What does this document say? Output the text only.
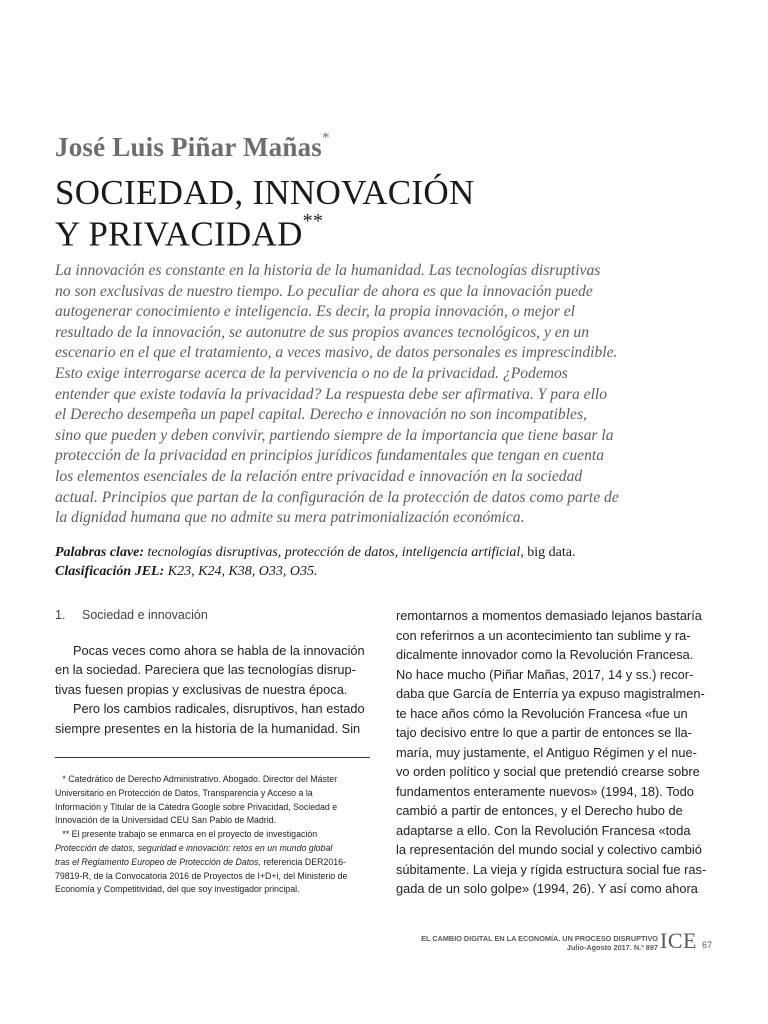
José Luis Piñar Mañas*
SOCIEDAD, INNOVACIÓN
Y PRIVACIDAD**
La innovación es constante en la historia de la humanidad. Las tecnologías disruptivas
no son exclusivas de nuestro tiempo. Lo peculiar de ahora es que la innovación puede
autogenerar conocimiento e inteligencia. Es decir, la propia innovación, o mejor el
resultado de la innovación, se autonutre de sus propios avances tecnológicos, y en un
escenario en el que el tratamiento, a veces masivo, de datos personales es imprescindible.
Esto exige interrogarse acerca de la pervivencia o no de la privacidad. ¿Podemos
entender que existe todavía la privacidad? La respuesta debe ser afirmativa. Y para ello
el Derecho desempeña un papel capital. Derecho e innovación no son incompatibles,
sino que pueden y deben convivir, partiendo siempre de la importancia que tiene basar la
protección de la privacidad en principios jurídicos fundamentales que tengan en cuenta
los elementos esenciales de la relación entre privacidad e innovación en la sociedad
actual. Principios que partan de la configuración de la protección de datos como parte de
la dignidad humana que no admite su mera patrimonialización económica.
Palabras clave: tecnologías disruptivas, protección de datos, inteligencia artificial, big data.
Clasificación JEL: K23, K24, K38, O33, O35.
1. Sociedad e innovación
Pocas veces como ahora se habla de la innovación
en la sociedad. Pareciera que las tecnologías disrup-
tivas fuesen propias y exclusivas de nuestra época.
Pero los cambios radicales, disruptivos, han estado
siempre presentes en la historia de la humanidad. Sin
* Catedrático de Derecho Administrativo. Abogado. Director del Máster
Universitario en Protección de Datos, Transparencia y Acceso a la
Información y Titular de la Cátedra Google sobre Privacidad, Sociedad e
Innovación de la Universidad CEU San Pablo de Madrid.
** El presente trabajo se enmarca en el proyecto de investigación
Protección de datos, seguridad e innovación: retos en un mundo global
tras el Reglamento Europeo de Protección de Datos, referencia DER2016-
79819-R, de la Convocatoria 2016 de Proyectos de I+D+i, del Ministerio de
Economía y Competitividad, del que soy investigador principal.
remontarnos a momentos demasiado lejanos bastaría
con referirnos a un acontecimiento tan sublime y ra-
dicalmente innovador como la Revolución Francesa.
No hace mucho (Piñar Mañas, 2017, 14 y ss.) recor-
daba que García de Enterría ya expuso magistralmen-
te hace años cómo la Revolución Francesa «fue un
tajo decisivo entre lo que a partir de entonces se lla-
maría, muy justamente, el Antiguo Régimen y el nue-
vo orden político y social que pretendió crearse sobre
fundamentos enteramente nuevos» (1994, 18). Todo
cambió a partir de entonces, y el Derecho hubo de
adaptarse a ello. Con la Revolución Francesa «toda
la representación del mundo social y colectivo cambió
súbitamente. La vieja y rígida estructura social fue ras-
gada de un solo golpe» (1994, 26). Y así como ahora
EL CAMBIO DIGITAL EN LA ECONOMÍA. UN PROCESO DISRUPTIVO
Julio-Agosto 2017. N.º 897 ICE 67
